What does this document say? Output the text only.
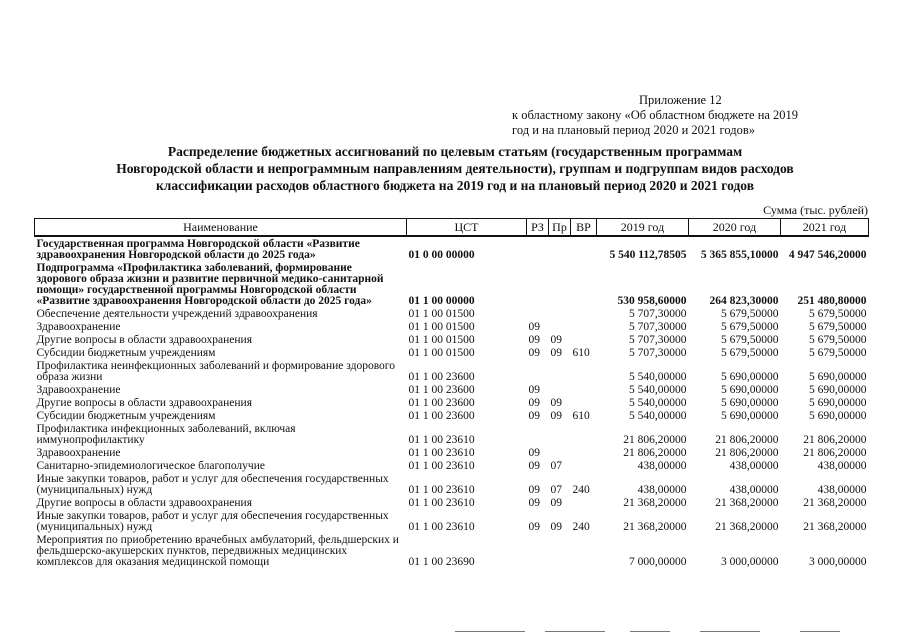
Приложение 12
к областному закону «Об областном бюджете на 2019
год и на плановый период 2020 и 2021 годов»
Распределение бюджетных ассигнований по целевым статьям (государственным программам
Новгородской области и непрограммным направлениям деятельности), группам и подгруппам видов расходов
классификации расходов областного бюджета на 2019 год и на плановый период 2020 и 2021 годов
Сумма (тыс. рублей)
Наименование	ЦСТ	РЗ	Пр	ВР	2019 год	2020 год	2021 год

Государственная программа Новгородской области «Развитие здравоохранения Новгородской области до 2025 года»	01 0 00 00000				5 540 112,78505	5 365 855,10000	4 947 546,20000
Подпрограмма «Профилактика заболеваний, формирование здорового образа жизни и развитие первичной медико-санитарной помощи» государственной программы Новгородской области «Развитие здравоохранения Новгородской области до 2025 года»	01 1 00 00000				530 958,60000	264 823,30000	251 480,80000
Обеспечение деятельности учреждений здравоохранения	01 1 00 01500				5 707,30000	5 679,50000	5 679,50000
Здравоохранение	01 1 00 01500	09			5 707,30000	5 679,50000	5 679,50000
Другие вопросы в области здравоохранения	01 1 00 01500	09	09		5 707,30000	5 679,50000	5 679,50000
Субсидии бюджетным учреждениям	01 1 00 01500	09	09	610	5 707,30000	5 679,50000	5 679,50000
Профилактика неинфекционных заболеваний и формирование здорового образа жизни	01 1 00 23600				5 540,00000	5 690,00000	5 690,00000
Здравоохранение	01 1 00 23600	09			5 540,00000	5 690,00000	5 690,00000
Другие вопросы в области здравоохранения	01 1 00 23600	09	09		5 540,00000	5 690,00000	5 690,00000
Субсидии бюджетным учреждениям	01 1 00 23600	09	09	610	5 540,00000	5 690,00000	5 690,00000
Профилактика инфекционных заболеваний, включая иммунопрофилактику	01 1 00 23610				21 806,20000	21 806,20000	21 806,20000
Здравоохранение	01 1 00 23610	09			21 806,20000	21 806,20000	21 806,20000
Санитарно-эпидемиологическое благополучие	01 1 00 23610	09	07		438,00000	438,00000	438,00000
Иные закупки товаров, работ и услуг для обеспечения государственных (муниципальных) нужд	01 1 00 23610	09	07	240	438,00000	438,00000	438,00000
Другие вопросы в области здравоохранения	01 1 00 23610	09	09		21 368,20000	21 368,20000	21 368,20000
Иные закупки товаров, работ и услуг для обеспечения государственных (муниципальных) нужд	01 1 00 23610	09	09	240	21 368,20000	21 368,20000	21 368,20000
Мероприятия по приобретению врачебных амбулаторий, фельдшерских и фельдшерско-акушерских пунктов, передвижных медицинских комплексов для оказания медицинской помощи	01 1 00 23690				7 000,00000	3 000,00000	3 000,00000
